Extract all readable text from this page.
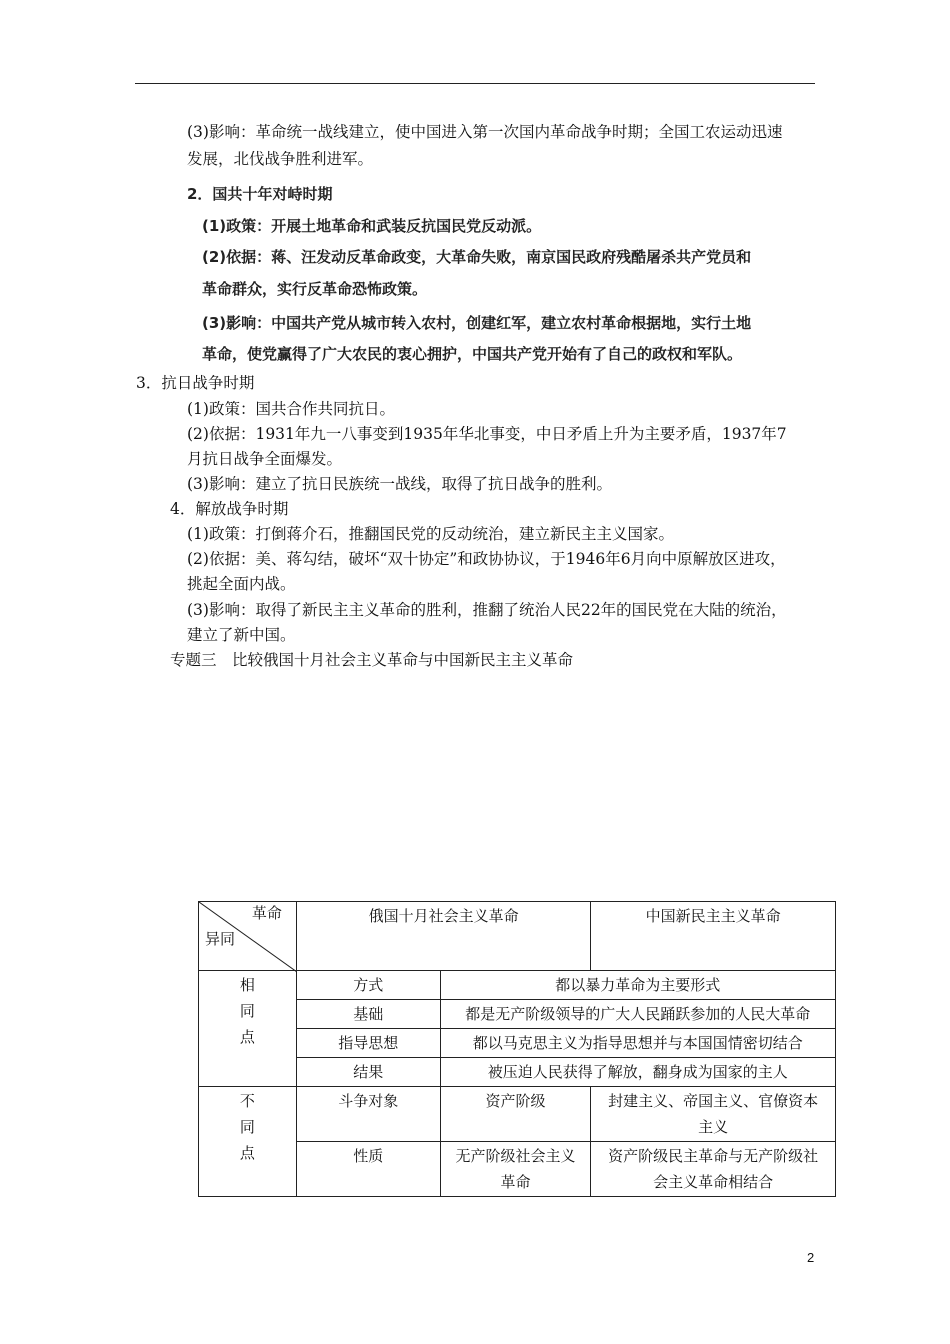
(3)影响：革命统一战线建立，使中国进入第一次国内革命战争时期；全国工农运动迅速
发展，北伐战争胜利进军。
2．国共十年对峙时期
(1)政策：开展土地革命和武装反抗国民党反动派。
(2)依据：蒋、汪发动反革命政变，大革命失败，南京国民政府残酷屠杀共产党员和
革命群众，实行反革命恐怖政策。
(3)影响：中国共产党从城市转入农村，创建红军，建立农村革命根据地，实行土地
革命，使党赢得了广大农民的衷心拥护，中国共产党开始有了自己的政权和军队。
3．抗日战争时期
(1)政策：国共合作共同抗日。
(2)依据：1931年九一八事变到1935年华北事变，中日矛盾上升为主要矛盾，1937年7
月抗日战争全面爆发。
(3)影响：建立了抗日民族统一战线，取得了抗日战争的胜利。
4．解放战争时期
(1)政策：打倒蒋介石，推翻国民党的反动统治，建立新民主主义国家。
(2)依据：美、蒋勾结，破坏“双十协定”和政协协议，于1946年6月向中原解放区进攻，
挑起全面内战。
(3)影响：取得了新民主主义革命的胜利，推翻了统治人民22年的国民党在大陆的统治，
建立了新中国。
专题三　比较俄国十月社会主义革命与中国新民主主义革命
革命
异同	俄国十月社会主义革命		中国新民主主义革命
相
同
点	方式	都以暴力革命为主要形式	
	基础	都是无产阶级领导的广大人民踊跃参加的人民大革命	
	指导思想	都以马克思主义为指导思想并与本国国情密切结合	
	结果	被压迫人民获得了解放，翻身成为国家的主人	
不
同
点	斗争对象	资产阶级	封建主义、帝国主义、官僚资本主义
	性质	无产阶级社会主义革命	资产阶级民主革命与无产阶级社会主义革命相结合
2
